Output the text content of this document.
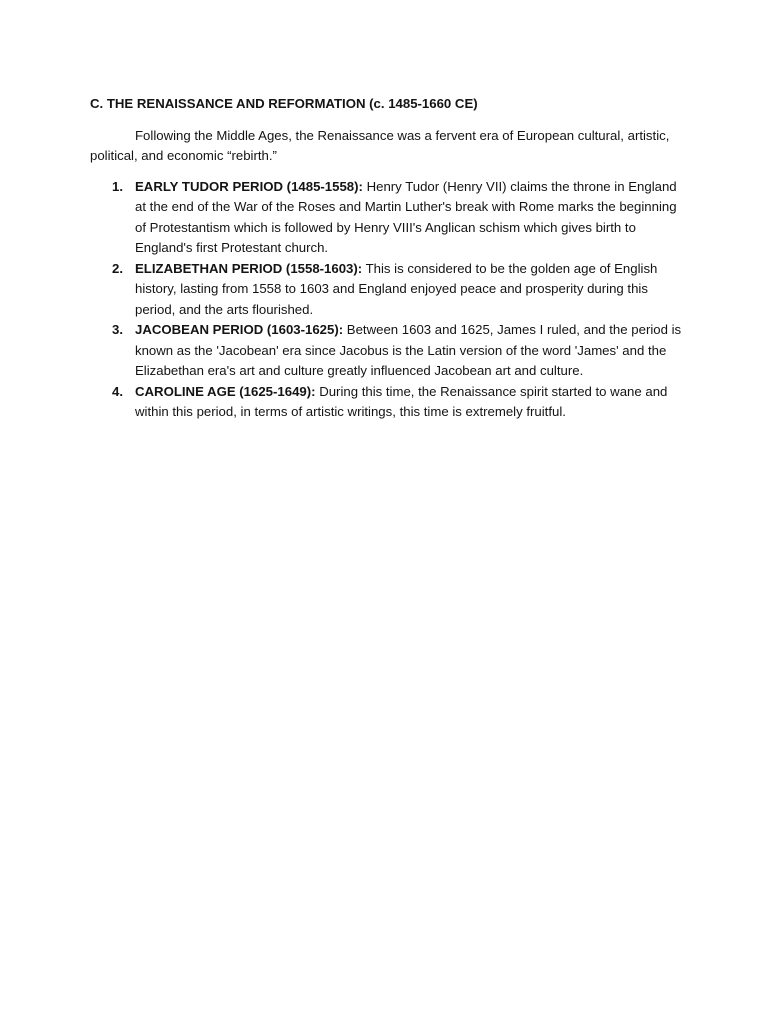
C. THE RENAISSANCE AND REFORMATION (c. 1485-1660 CE)

Following the Middle Ages, the Renaissance was a fervent era of European cultural, artistic, political, and economic “rebirth.”

1. EARLY TUDOR PERIOD (1485-1558): Henry Tudor (Henry VII) claims the throne in England at the end of the War of the Roses and Martin Luther's break with Rome marks the beginning of Protestantism which is followed by Henry VIII's Anglican schism which gives birth to England's first Protestant church.
2. ELIZABETHAN PERIOD (1558-1603): This is considered to be the golden age of English history, lasting from 1558 to 1603 and England enjoyed peace and prosperity during this period, and the arts flourished.
3. JACOBEAN PERIOD (1603-1625): Between 1603 and 1625, James I ruled, and the period is known as the 'Jacobean' era since Jacobus is the Latin version of the word 'James' and the Elizabethan era's art and culture greatly influenced Jacobean art and culture.
4. CAROLINE AGE (1625-1649): During this time, the Renaissance spirit started to wane and within this period, in terms of artistic writings, this time is extremely fruitful.
